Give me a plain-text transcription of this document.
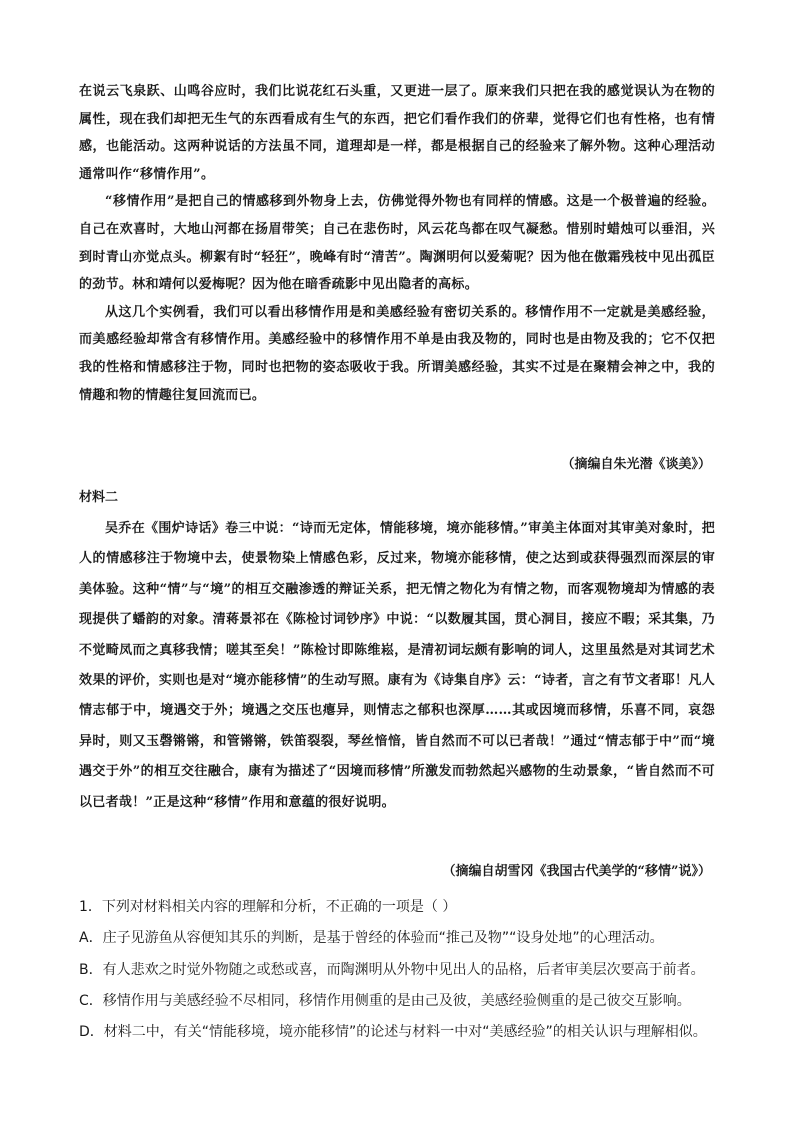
在说云飞泉跃、山鸣谷应时，我们比说花红石头重，又更进一层了。原来我们只把在我的感觉误认为在物的属性，现在我们却把无生气的东西看成有生气的东西，把它们看作我们的侪辈，觉得它们也有性格，也有情感，也能活动。这两种说话的方法虽不同，道理却是一样，都是根据自己的经验来了解外物。这种心理活动通常叫作“移情作用”。

“移情作用”是把自己的情感移到外物身上去，仿佛觉得外物也有同样的情感。这是一个极普遍的经验。自己在欢喜时，大地山河都在扬眉带笑；自己在悲伤时，风云花鸟都在叹气凝愁。惜别时蜡烛可以垂泪，兴到时青山亦觉点头。柳絮有时“轻狂”，晚峰有时“清苦”。陶渊明何以爱菊呢？因为他在傲霜残枝中见出孤臣的劲节。林和靖何以爱梅呢？因为他在暗香疏影中见出隐者的高标。

从这几个实例看，我们可以看出移情作用是和美感经验有密切关系的。移情作用不一定就是美感经验，而美感经验却常含有移情作用。美感经验中的移情作用不单是由我及物的，同时也是由物及我的；它不仅把我的性格和情感移注于物，同时也把物的姿态吸收于我。所谓美感经验，其实不过是在聚精会神之中，我的情趣和物的情趣往复回流而已。

（摘编自朱光潜《谈美》）
材料二

吴乔在《围炉诗话》卷三中说：“诗而无定体，情能移境，境亦能移情。”审美主体面对其审美对象时，把人的情感移注于物境中去，使景物染上情感色彩，反过来，物境亦能移情，使之达到或获得强烈而深层的审美体验。这种“情”与“境”的相互交融渗透的辩证关系，把无情之物化为有情之物，而客观物境却为情感的表现提供了蟠韵的对象。清蒋景祁在《陈检讨词钞序》中说：“以数履其国，贯心洞目，接应不暇；采其集，乃不觉畸凤而之真移我情；嗟其至矣！”陈检讨即陈维崧，是清初词坛颇有影响的词人，这里虽然是对其词艺术效果的评价，实则也是对“境亦能移情”的生动写照。康有为《诗集自序》云：“诗者，言之有节文者耶！凡人情志郁于中，境遇交于外；境遇之交压也瘪异，则情志之郁积也深厚……其或因境而移情，乐喜不同，哀怨异时，则又玉磬锵锵，和管锵锵，铁笛裂裂，琴丝愔愔，皆自然而不可以已者哉！”通过“情志郁于中”而“境遇交于外”的相互交往融合，康有为描述了“因境而移情”所激发而勃然起兴感物的生动景象，“皆自然而不可以已者哉！”正是这种“移情”作用和意蕴的很好说明。

（摘编自胡雪冈《我国古代美学的“移情”说》）
1．下列对材料相关内容的理解和分析，不正确的一项是（ ）
A．庄子见游鱼从容便知其乐的判断，是基于曾经的体验而“推己及物”“设身处地”的心理活动。
B．有人悲欢之时觉外物随之或愁或喜，而陶渊明从外物中见出人的品格，后者审美层次要高于前者。
C．移情作用与美感经验不尽相同，移情作用侧重的是由己及彼，美感经验侧重的是己彼交互影响。
D．材料二中，有关“情能移境，境亦能移情”的论述与材料一中对“美感经验”的相关认识与理解相似。
